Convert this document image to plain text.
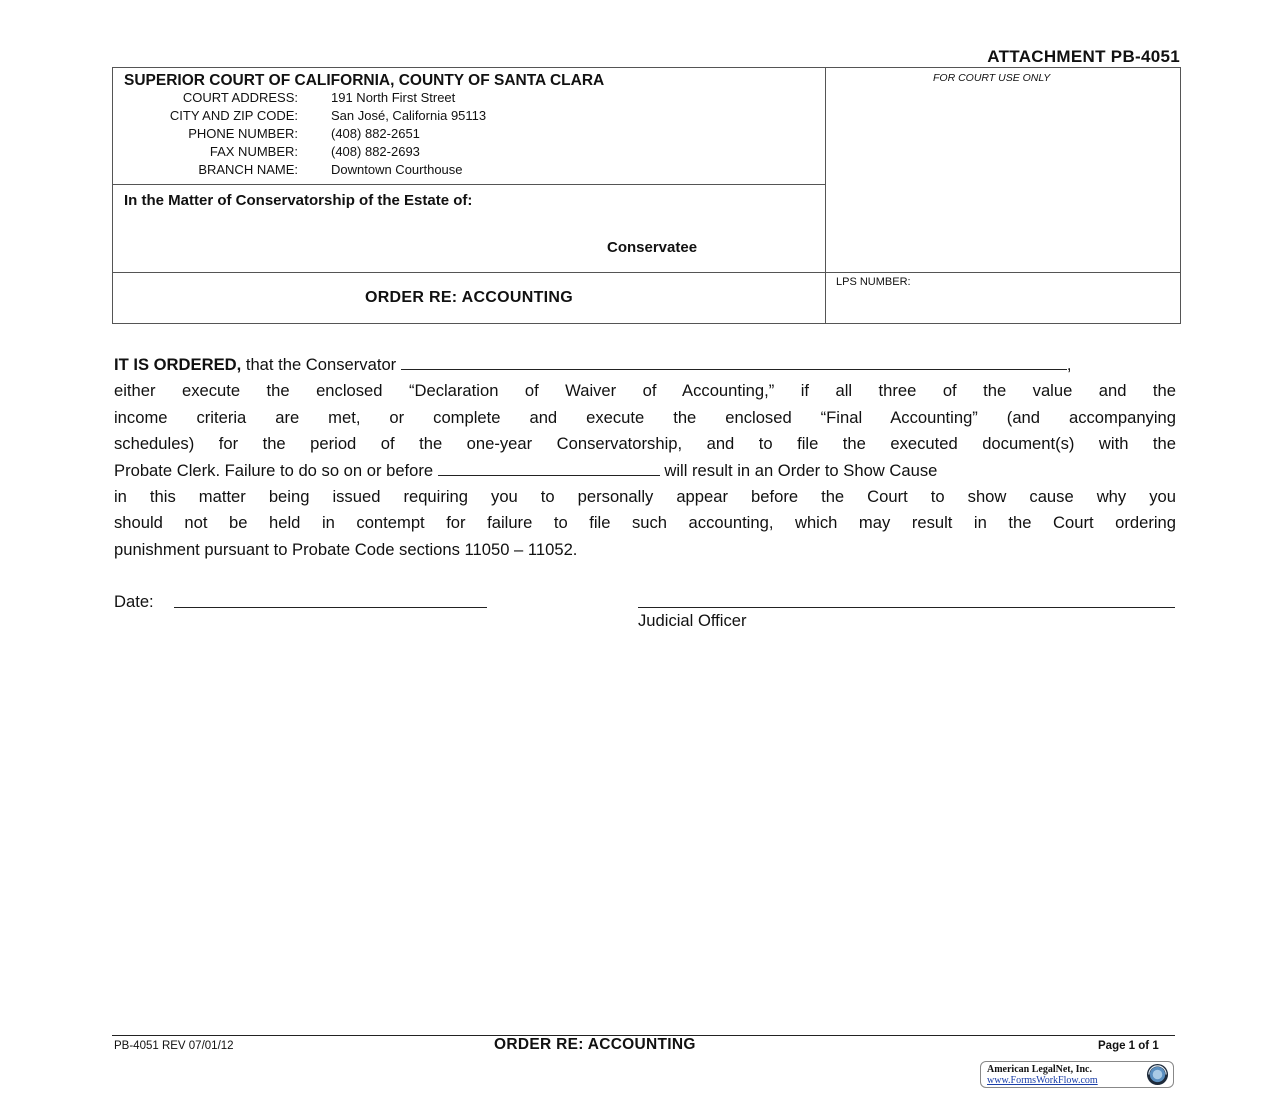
ATTACHMENT PB-4051
SUPERIOR COURT OF CALIFORNIA, COUNTY OF SANTA CLARA
COURT ADDRESS:	191 North First Street
CITY AND ZIP CODE:	San José, California 95113
PHONE NUMBER:	(408) 882-2651
FAX NUMBER:	(408) 882-2693
BRANCH NAME:	Downtown Courthouse
In the Matter of Conservatorship of the Estate of:
Conservatee
ORDER RE: ACCOUNTING
FOR COURT USE ONLY
LPS NUMBER:
IT IS ORDERED, that the Conservator	,
either execute the enclosed “Declaration of Waiver of Accounting,” if all three of the value and the
income criteria are met, or complete and execute the enclosed “Final Accounting” (and accompanying
schedules) for the period of the one-year Conservatorship, and to file the executed document(s) with the
Probate Clerk. Failure to do so on or before	will result in an Order to Show Cause
in this matter being issued requiring you to personally appear before the Court to show cause why you
should not be held in contempt for failure to file such accounting, which may result in the Court ordering
punishment pursuant to Probate Code sections 11050 – 11052.
Date:
Judicial Officer
PB-4051 REV 07/01/12	ORDER RE: ACCOUNTING	Page 1 of 1
American LegalNet, Inc.
www.FormsWorkFlow.com
